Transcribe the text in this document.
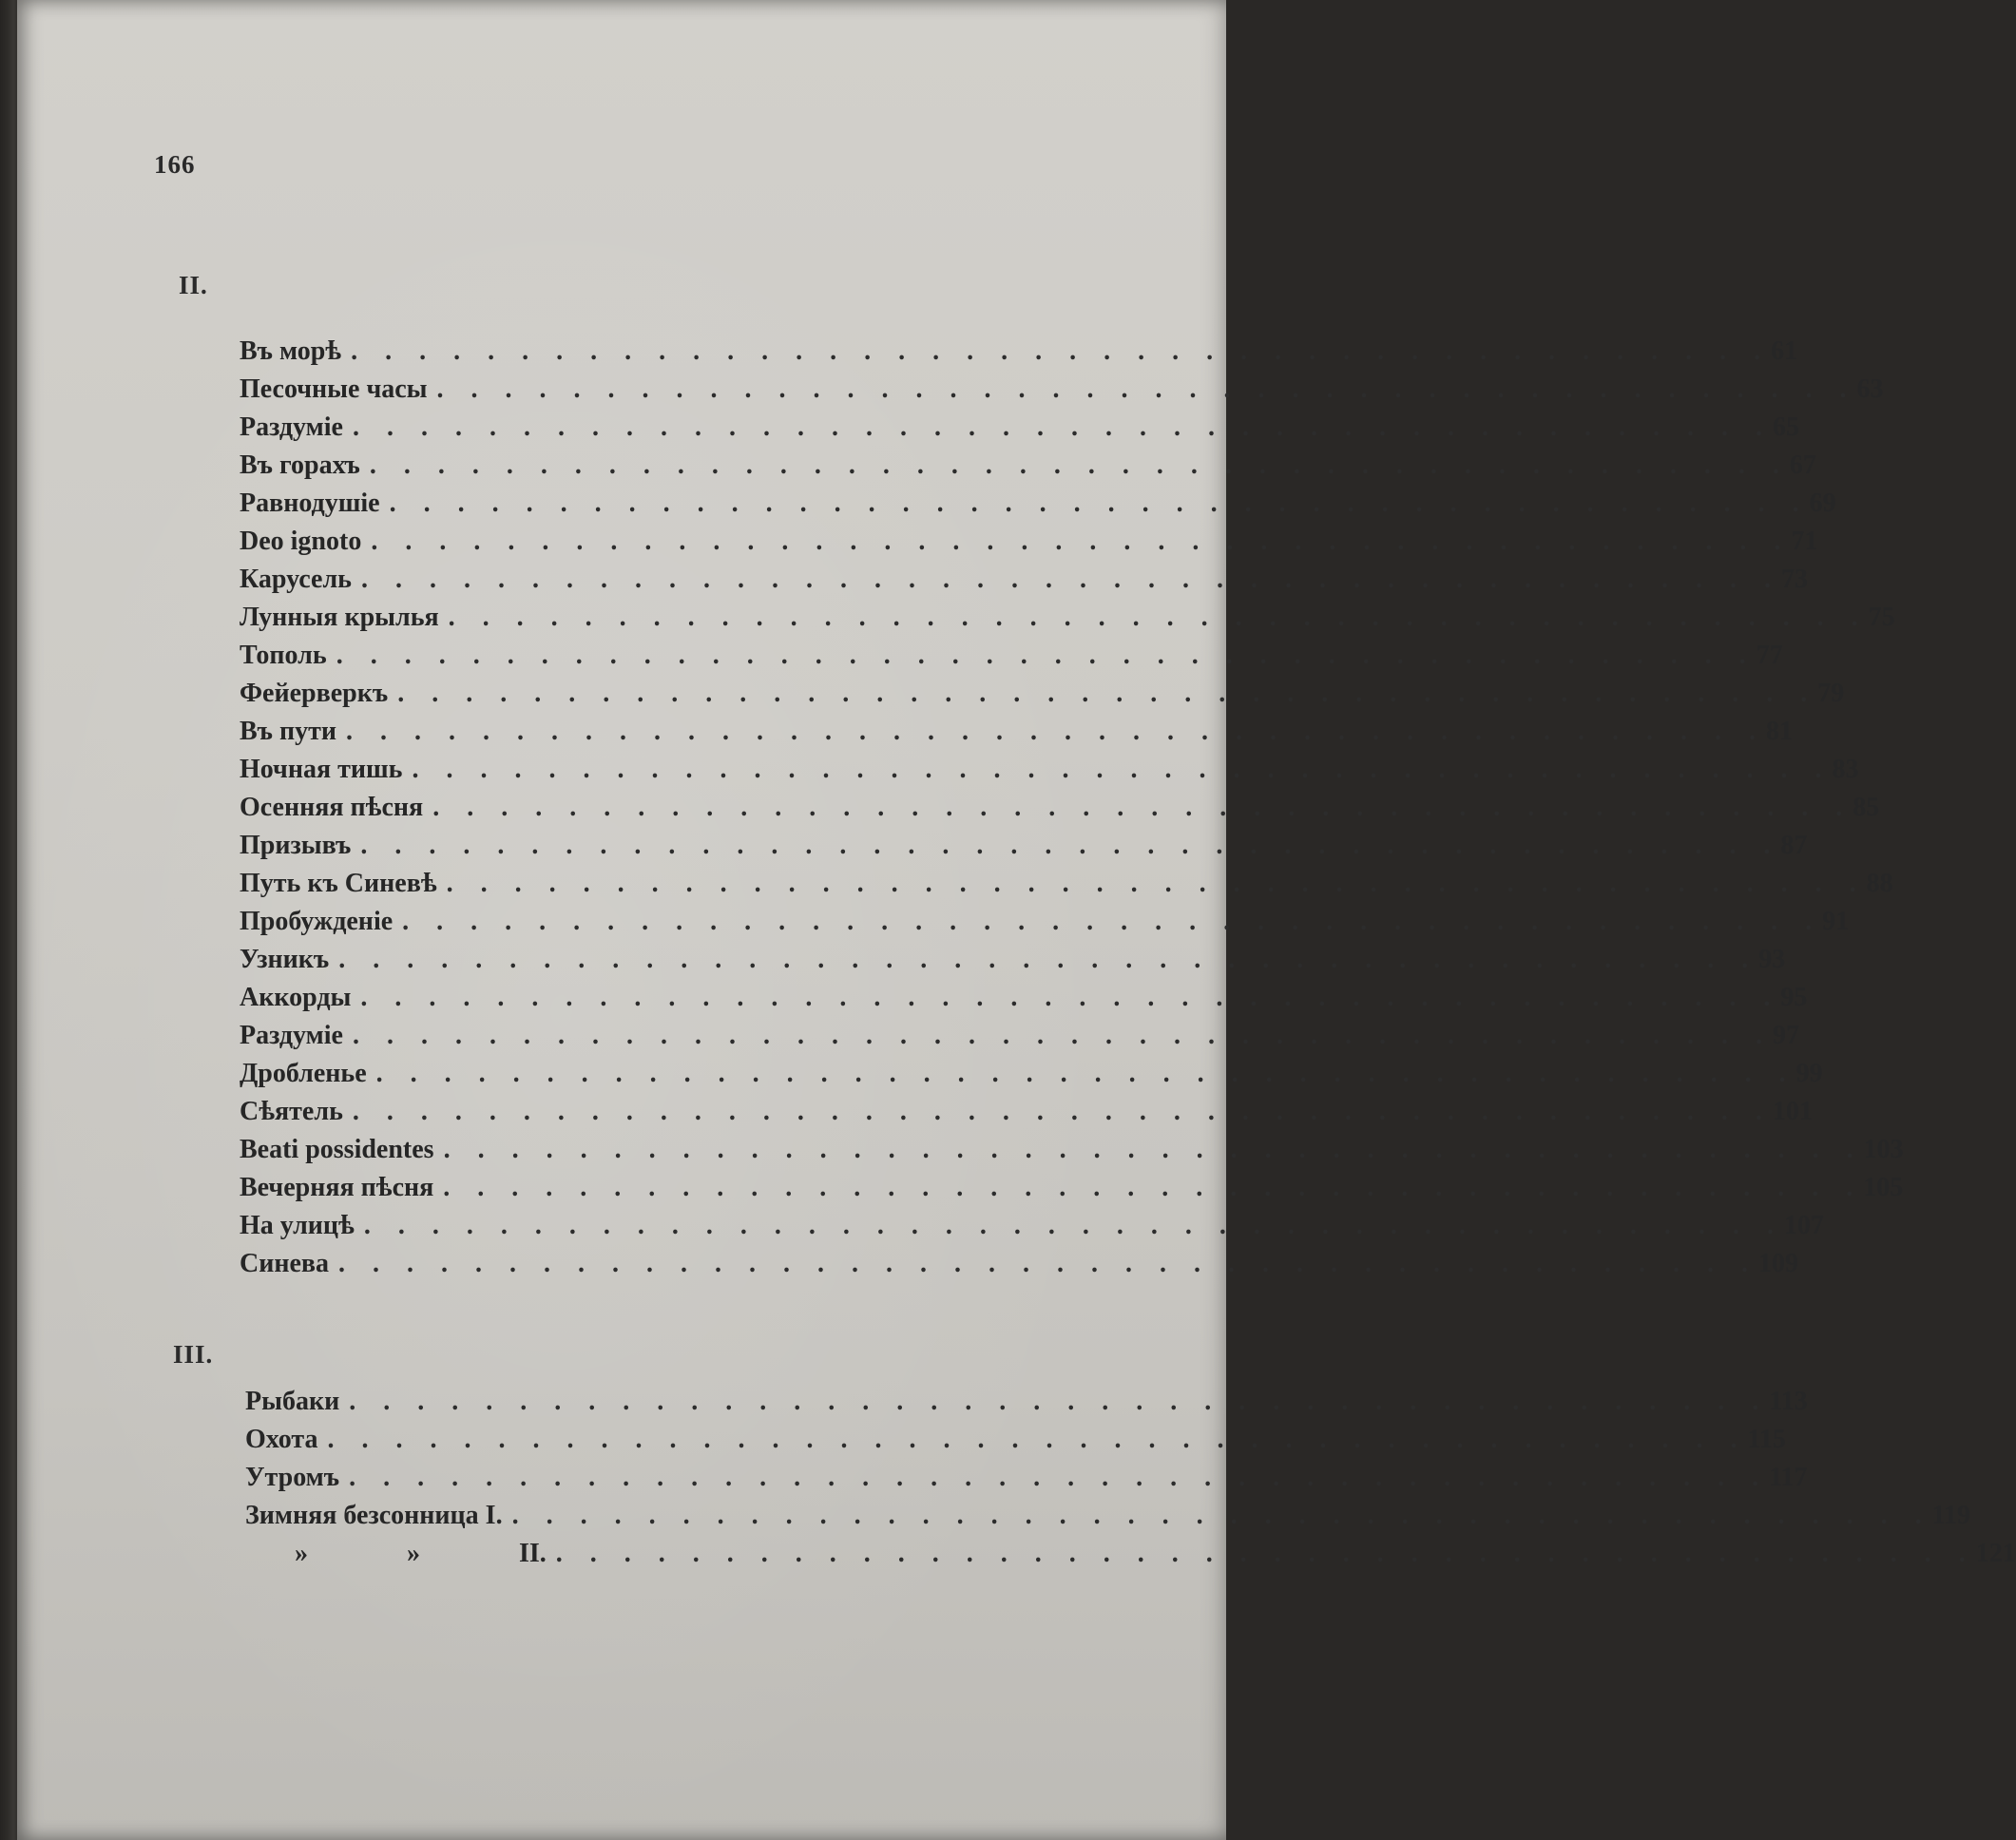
166
II.
Въ морѣ . . . . . . . . . . . . . . . . . . . . . . . . . . . . . . . . . . . . . . . . . . 61
Песочные часы . . . . . . . . . . . . . . . . . . . . . . . . . . . . . . . . . . . . . . . . . . 63
Раздуміе . . . . . . . . . . . . . . . . . . . . . . . . . . . . . . . . . . . . . . . . . . 65
Въ горахъ . . . . . . . . . . . . . . . . . . . . . . . . . . . . . . . . . . . . . . . . . . 67
Равнодушіе . . . . . . . . . . . . . . . . . . . . . . . . . . . . . . . . . . . . . . . . . . 69
Deo ignoto . . . . . . . . . . . . . . . . . . . . . . . . . . . . . . . . . . . . . . . . . . 71
Карусель . . . . . . . . . . . . . . . . . . . . . . . . . . . . . . . . . . . . . . . . . . 73
Лунныя крылья . . . . . . . . . . . . . . . . . . . . . . . . . . . . . . . . . . . . . . . . . . 75
Тополь . . . . . . . . . . . . . . . . . . . . . . . . . . . . . . . . . . . . . . . . . . 77
Фейерверкъ . . . . . . . . . . . . . . . . . . . . . . . . . . . . . . . . . . . . . . . . . . 79
Въ пути . . . . . . . . . . . . . . . . . . . . . . . . . . . . . . . . . . . . . . . . . . 81
Ночная тишь . . . . . . . . . . . . . . . . . . . . . . . . . . . . . . . . . . . . . . . . . . 83
Осенняя пѣсня . . . . . . . . . . . . . . . . . . . . . . . . . . . . . . . . . . . . . . . . . . 85
Призывъ . . . . . . . . . . . . . . . . . . . . . . . . . . . . . . . . . . . . . . . . . . 87
Путь къ Синевѣ . . . . . . . . . . . . . . . . . . . . . . . . . . . . . . . . . . . . . . . . . . 88
Пробужденіе . . . . . . . . . . . . . . . . . . . . . . . . . . . . . . . . . . . . . . . . . . 91
Узникъ . . . . . . . . . . . . . . . . . . . . . . . . . . . . . . . . . . . . . . . . . . 93
Аккорды . . . . . . . . . . . . . . . . . . . . . . . . . . . . . . . . . . . . . . . . . . 95
Раздуміе . . . . . . . . . . . . . . . . . . . . . . . . . . . . . . . . . . . . . . . . . . 97
Дробленье . . . . . . . . . . . . . . . . . . . . . . . . . . . . . . . . . . . . . . . . . . 99
Сѣятель . . . . . . . . . . . . . . . . . . . . . . . . . . . . . . . . . . . . . . . . . . 101
Beati possidentes . . . . . . . . . . . . . . . . . . . . . . . . . . . . . . . . . . . . . . . . . . 103
Вечерняя пѣсня . . . . . . . . . . . . . . . . . . . . . . . . . . . . . . . . . . . . . . . . . . 105
На улицѣ . . . . . . . . . . . . . . . . . . . . . . . . . . . . . . . . . . . . . . . . . . 107
Синева . . . . . . . . . . . . . . . . . . . . . . . . . . . . . . . . . . . . . . . . . . 109
III.
Рыбаки . . . . . . . . . . . . . . . . . . . . . . . . . . . . . . . . . . . . . . . . . . 113
Охота . . . . . . . . . . . . . . . . . . . . . . . . . . . . . . . . . . . . . . . . . . 115
Утромъ . . . . . . . . . . . . . . . . . . . . . . . . . . . . . . . . . . . . . . . . . . 117
Зимняя безсонница I. . . . . . . . . . . . . . . . . . . . . . . . . . . . . . . . . . . . . . . . . . . 119
»	»	II. . . . . . . . . . . . . . . . . . . . . . . . . . . . . . . . . . . . . . . . . . . 121
